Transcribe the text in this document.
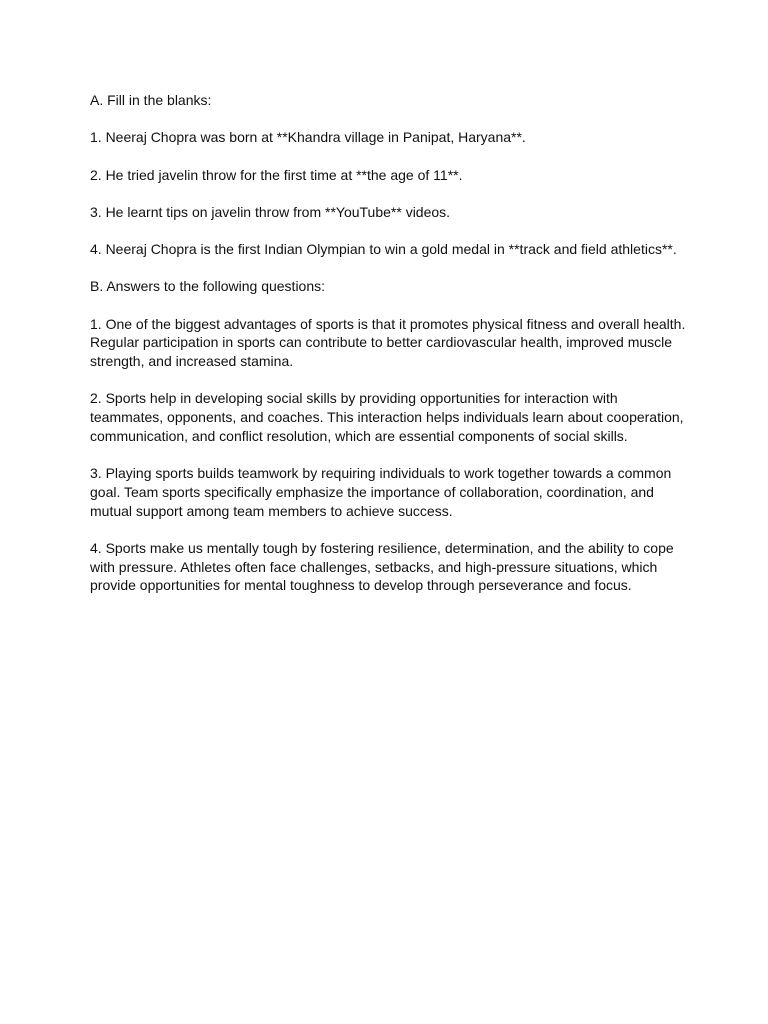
A. Fill in the blanks:

1. Neeraj Chopra was born at **Khandra village in Panipat, Haryana**.

2. He tried javelin throw for the first time at **the age of 11**.

3. He learnt tips on javelin throw from **YouTube** videos.

4. Neeraj Chopra is the first Indian Olympian to win a gold medal in **track and field athletics**.

B. Answers to the following questions:

1. One of the biggest advantages of sports is that it promotes physical fitness and overall health. Regular participation in sports can contribute to better cardiovascular health, improved muscle strength, and increased stamina.

2. Sports help in developing social skills by providing opportunities for interaction with teammates, opponents, and coaches. This interaction helps individuals learn about cooperation, communication, and conflict resolution, which are essential components of social skills.

3. Playing sports builds teamwork by requiring individuals to work together towards a common goal. Team sports specifically emphasize the importance of collaboration, coordination, and mutual support among team members to achieve success.

4. Sports make us mentally tough by fostering resilience, determination, and the ability to cope with pressure. Athletes often face challenges, setbacks, and high-pressure situations, which provide opportunities for mental toughness to develop through perseverance and focus.
